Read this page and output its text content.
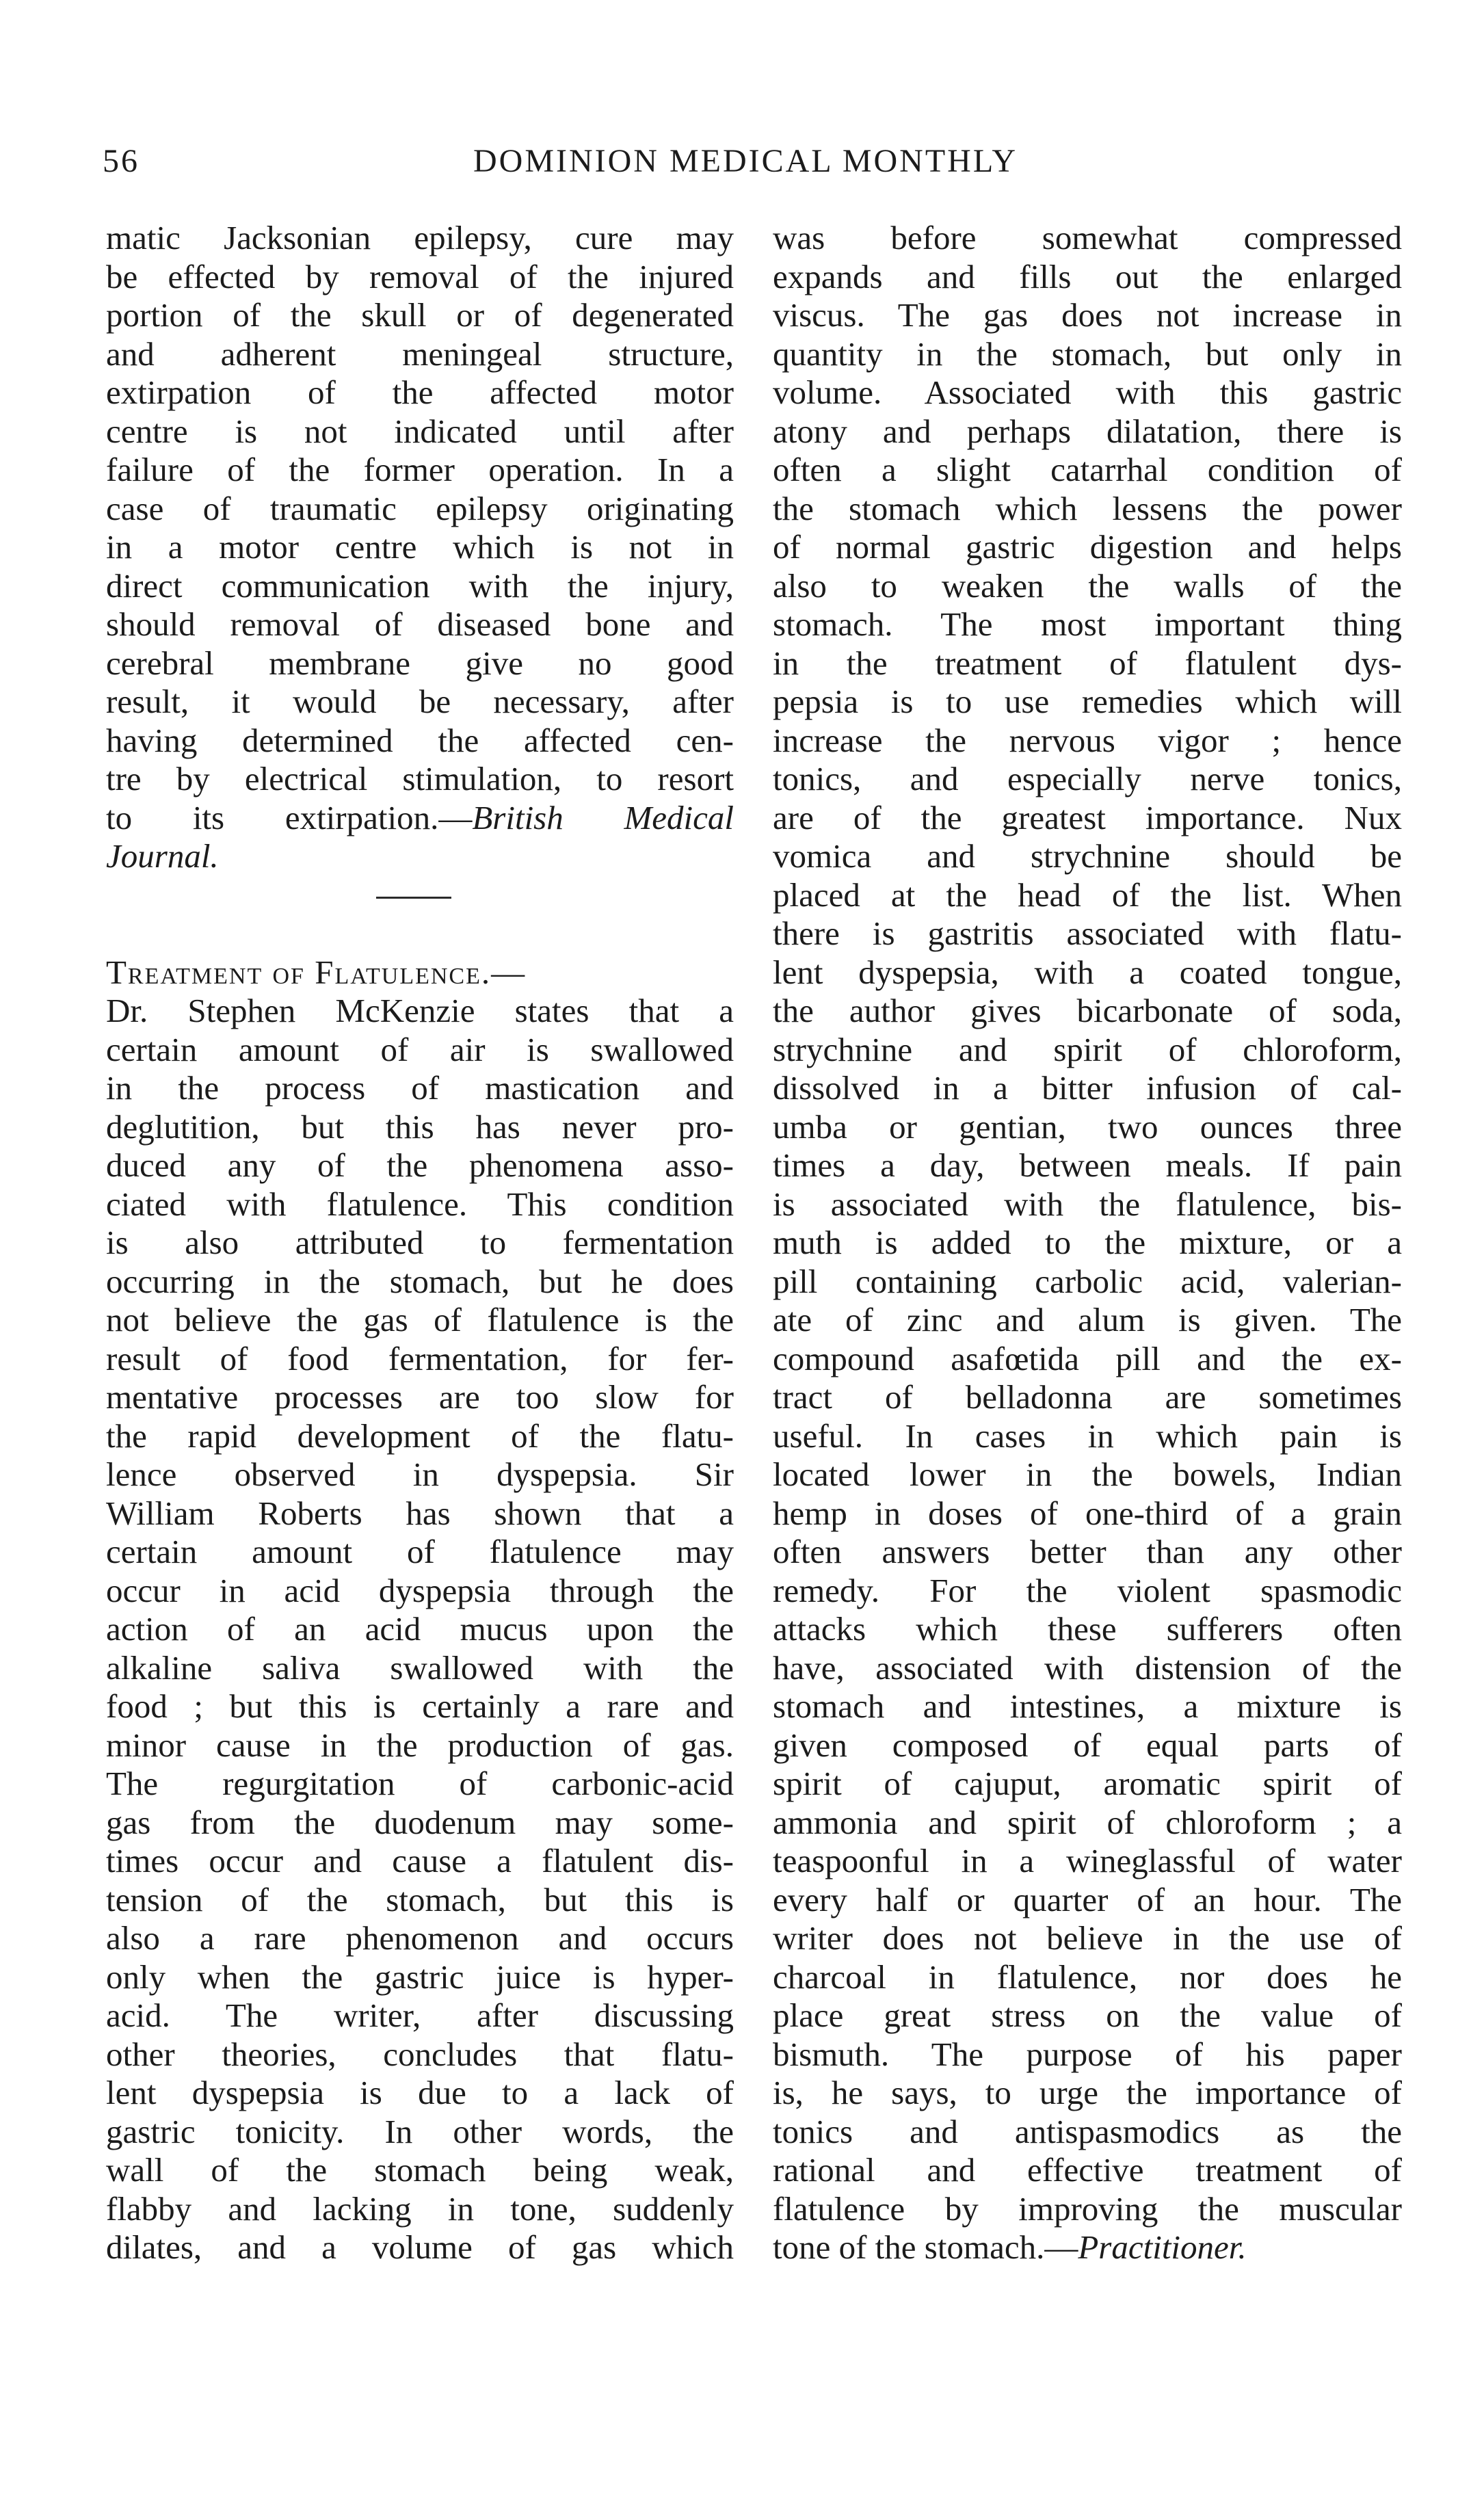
56	DOMINION MEDICAL MONTHLY
matic Jacksonian epilepsy, cure may
be effected by removal of the injured
portion of the skull or of degenerated
and adherent meningeal structure,
extirpation of the affected motor
centre is not indicated until after
failure of the former operation. In a
case of traumatic epilepsy originating
in a motor centre which is not in
direct communication with the injury,
should removal of diseased bone and
cerebral membrane give no good
result, it would be necessary, after
having determined the affected cen-
tre by electrical stimulation, to resort
to its extirpation.—British Medical
Journal.
Treatment of Flatulence.—
Dr. Stephen McKenzie states that a
certain amount of air is swallowed
in the process of mastication and
deglutition, but this has never pro-
duced any of the phenomena asso-
ciated with flatulence. This condition
is also attributed to fermentation
occurring in the stomach, but he does
not believe the gas of flatulence is the
result of food fermentation, for fer-
mentative processes are too slow for
the rapid development of the flatu-
lence observed in dyspepsia. Sir
William Roberts has shown that a
certain amount of flatulence may
occur in acid dyspepsia through the
action of an acid mucus upon the
alkaline saliva swallowed with the
food ; but this is certainly a rare and
minor cause in the production of gas.
The regurgitation of carbonic-acid
gas from the duodenum may some-
times occur and cause a flatulent dis-
tension of the stomach, but this is
also a rare phenomenon and occurs
only when the gastric juice is hyper-
acid. The writer, after discussing
other theories, concludes that flatu-
lent dyspepsia is due to a lack of
gastric tonicity. In other words, the
wall of the stomach being weak,
flabby and lacking in tone, suddenly
dilates, and a volume of gas which
was before somewhat compressed
expands and fills out the enlarged
viscus. The gas does not increase in
quantity in the stomach, but only in
volume. Associated with this gastric
atony and perhaps dilatation, there is
often a slight catarrhal condition of
the stomach which lessens the power
of normal gastric digestion and helps
also to weaken the walls of the
stomach. The most important thing
in the treatment of flatulent dys-
pepsia is to use remedies which will
increase the nervous vigor ; hence
tonics, and especially nerve tonics,
are of the greatest importance. Nux
vomica and strychnine should be
placed at the head of the list. When
there is gastritis associated with flatu-
lent dyspepsia, with a coated tongue,
the author gives bicarbonate of soda,
strychnine and spirit of chloroform,
dissolved in a bitter infusion of cal-
umba or gentian, two ounces three
times a day, between meals. If pain
is associated with the flatulence, bis-
muth is added to the mixture, or a
pill containing carbolic acid, valerian-
ate of zinc and alum is given. The
compound asafœtida pill and the ex-
tract of belladonna are sometimes
useful. In cases in which pain is
located lower in the bowels, Indian
hemp in doses of one-third of a grain
often answers better than any other
remedy. For the violent spasmodic
attacks which these sufferers often
have, associated with distension of the
stomach and intestines, a mixture is
given composed of equal parts of
spirit of cajuput, aromatic spirit of
ammonia and spirit of chloroform ; a
teaspoonful in a wineglassful of water
every half or quarter of an hour. The
writer does not believe in the use of
charcoal in flatulence, nor does he
place great stress on the value of
bismuth. The purpose of his paper
is, he says, to urge the importance of
tonics and antispasmodics as the
rational and effective treatment of
flatulence by improving the muscular
tone of the stomach.—Practitioner.
